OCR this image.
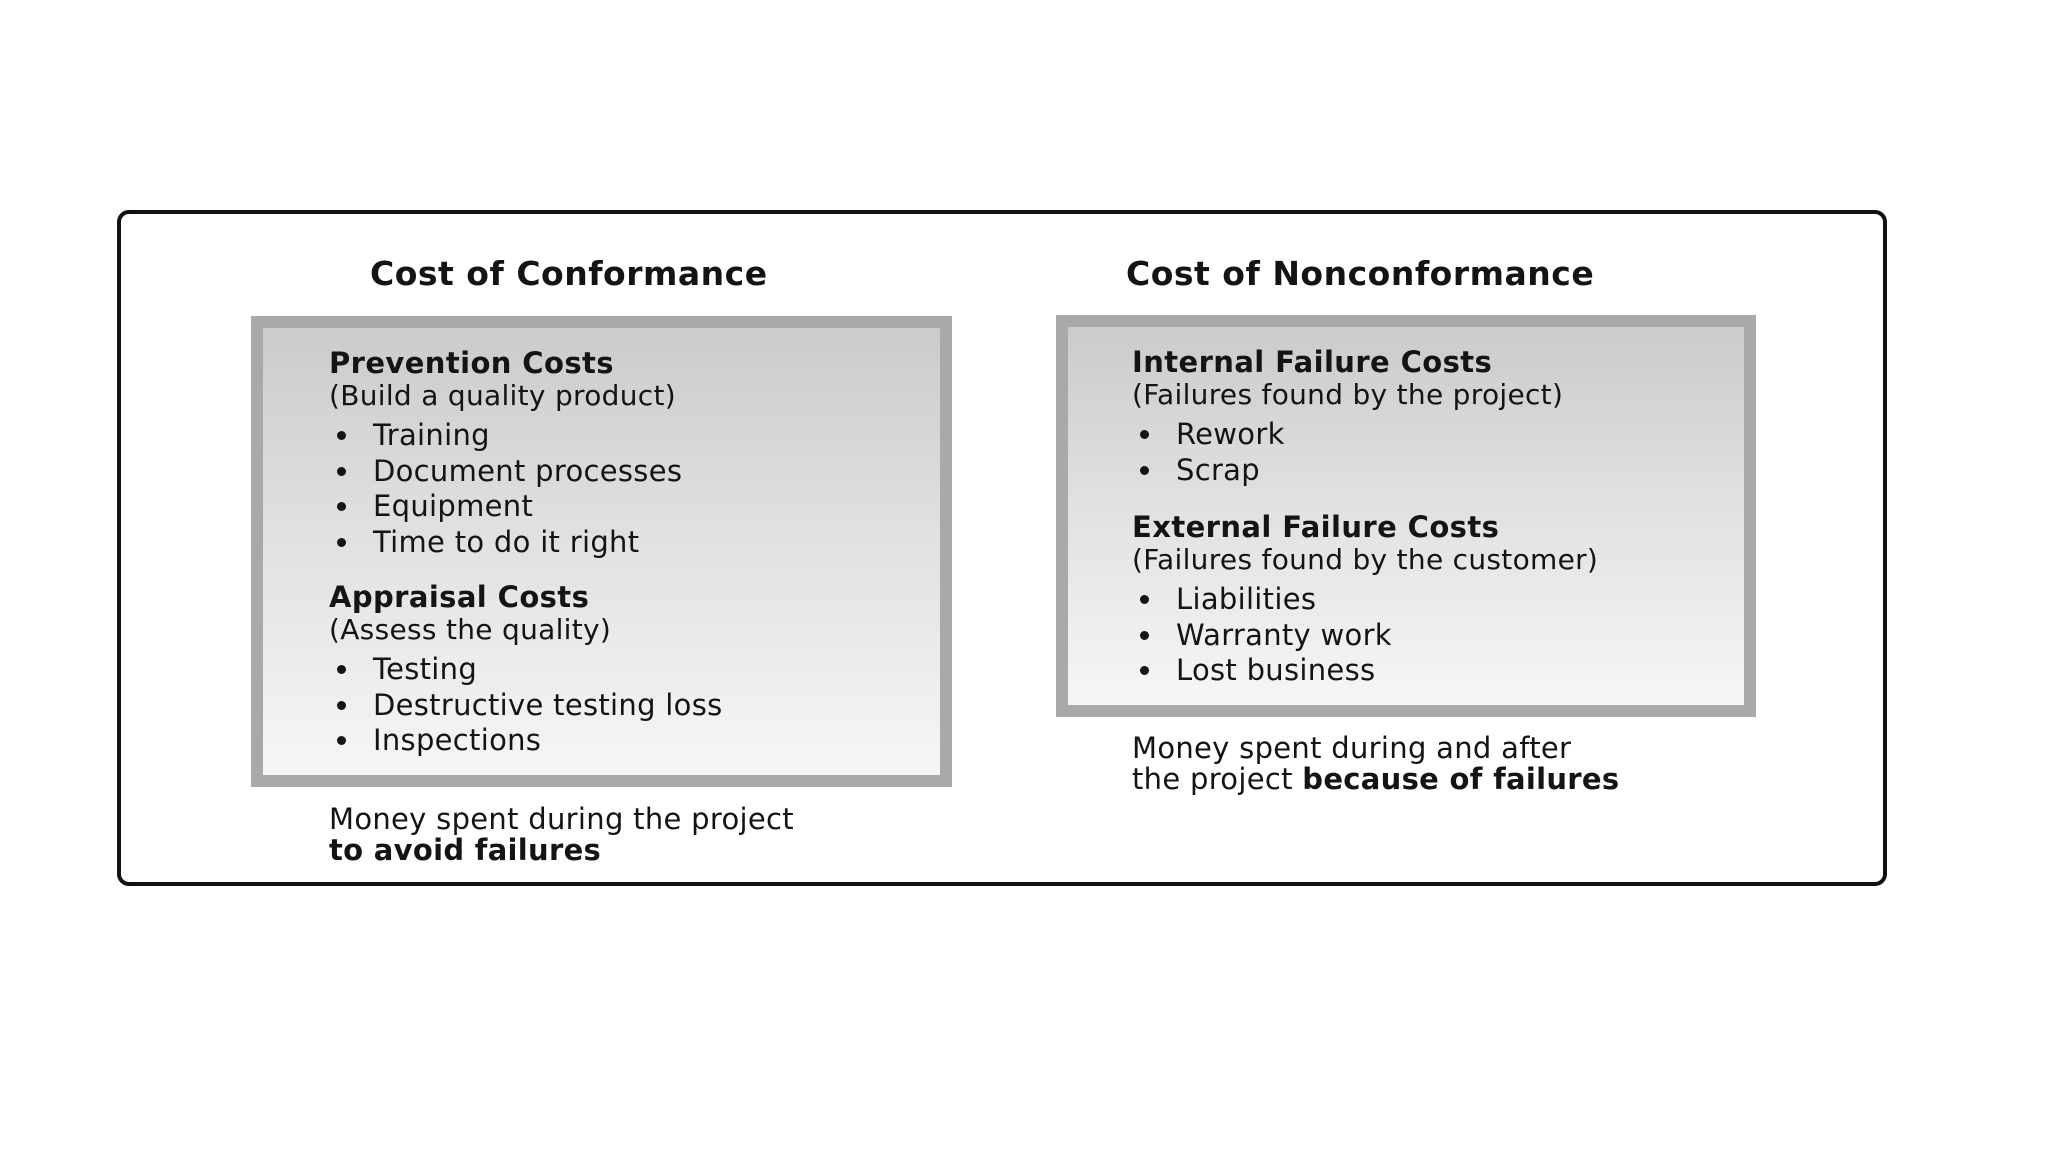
Cost of Conformance	Cost of Nonconformance
Prevention Costs
(Build a quality product)
Training
Document processes
Equipment
Time to do it right
Appraisal Costs
(Assess the quality)
Testing
Destructive testing loss
Inspections
Money spent during the project
to avoid failures
Internal Failure Costs
(Failures found by the project)
Rework
Scrap
External Failure Costs
(Failures found by the customer)
Liabilities
Warranty work
Lost business
Money spent during and after
the project because of failures
